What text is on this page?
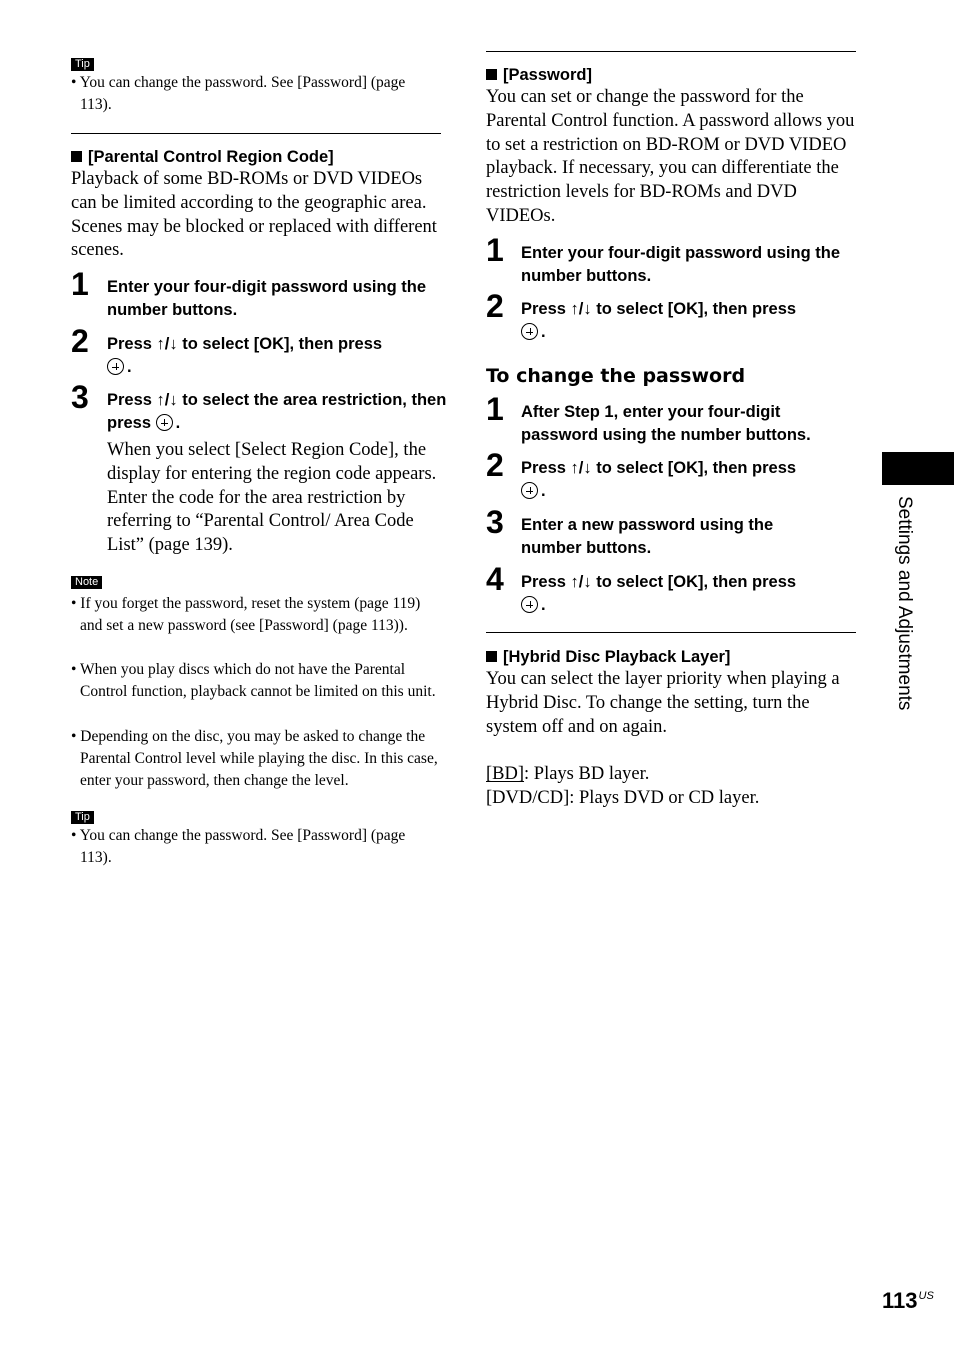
Tip
• You can change the password. See [Password] (page 113).
[Parental Control Region Code]
Playback of some BD-ROMs or DVD VIDEOs can be limited according to the geographic area. Scenes may be blocked or replaced with different scenes.
1 Enter your four-digit password using the number buttons.
2 Press ↑/↓ to select [OK], then press
.
3 Press ↑/↓ to select the area restriction, then press .
When you select [Select Region Code], the display for entering the region code appears. Enter the code for the area restriction by referring to “Parental Control/ Area Code List” (page 139).
Note
• If you forget the password, reset the system (page 119) and set a new password (see [Password] (page 113)).
• When you play discs which do not have the Parental Control function, playback cannot be limited on this unit.
• Depending on the disc, you may be asked to change the Parental Control level while playing the disc. In this case, enter your password, then change the level.
Tip
• You can change the password. See [Password] (page 113).
[Password]
You can set or change the password for the Parental Control function. A password allows you to set a restriction on BD-ROM or DVD VIDEO playback. If necessary, you can differentiate the restriction levels for BD-ROMs and DVD VIDEOs.
1 Enter your four-digit password using the number buttons.
2 Press ↑/↓ to select [OK], then press
.
To change the password
1 After Step 1, enter your four-digit password using the number buttons.
2 Press ↑/↓ to select [OK], then press
.
3 Enter a new password using the number buttons.
4 Press ↑/↓ to select [OK], then press
.
[Hybrid Disc Playback Layer]
You can select the layer priority when playing a Hybrid Disc. To change the setting, turn the system off and on again.
[BD]: Plays BD layer.
[DVD/CD]: Plays DVD or CD layer.
Settings and Adjustments
$113^{US}$
